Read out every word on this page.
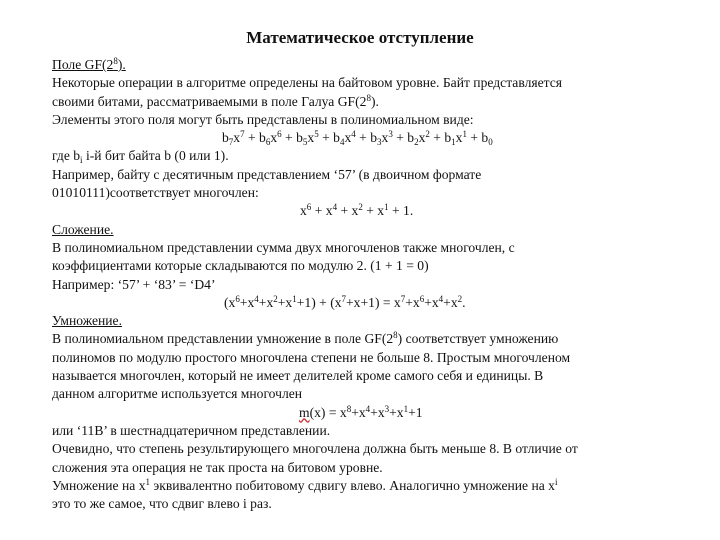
Математическое отступление
Поле $GF(2^8)$.
Некоторые операции в алгоритме определены на байтовом уровне. Байт представляется
своими битами, рассматриваемыми в поле Галуа $GF(2^8)$.
Элементы этого поля могут быть представлены в полиномиальном виде:
$b_7x^7 + b_6x^6 + b_5x^5 + b_4x^4 + b_3x^3 + b_2x^2 + b_1x^1 + b_0$
где $b_i$ i-й бит байта b (0 или 1).
Например, байту с десятичным представлением ‘57’ (в двоичном формате
01010111)соответствует многочлен:
$x^6 + x^4 + x^2 + x^1 + 1$.
Сложение.
В полиномиальном представлении сумма двух многочленов также многочлен, с
коэффициентами которые складываются по модулю 2. (1 + 1 = 0)
Например: ‘57’ + ‘83’ = ‘D4’
$(x^6+x^4+x^2+x^1+1) + (x^7+x+1) = x^7+x^6+x^4+x^2$.
Умножение.
В полиномиальном представлении умножение в поле $GF(2^8)$ соответствует умножению
полиномов по модулю простого многочлена степени не больше 8. Простым многочленом
называется многочлен, который не имеет делителей кроме самого себя и единицы. В
данном алгоритме используется многочлен
$m(x) = x^8+x^4+x^3+x^1+1$
или ‘11B’ в шестнадцатеричном представлении.
Очевидно, что степень результирующего многочлена должна быть меньше 8. В отличие от
сложения эта операция не так проста на битовом уровне.
Умножение на $x^1$ эквивалентно побитовому сдвигу влево. Аналогично умножение на $x^i$
это то же самое, что сдвиг влево i раз.
